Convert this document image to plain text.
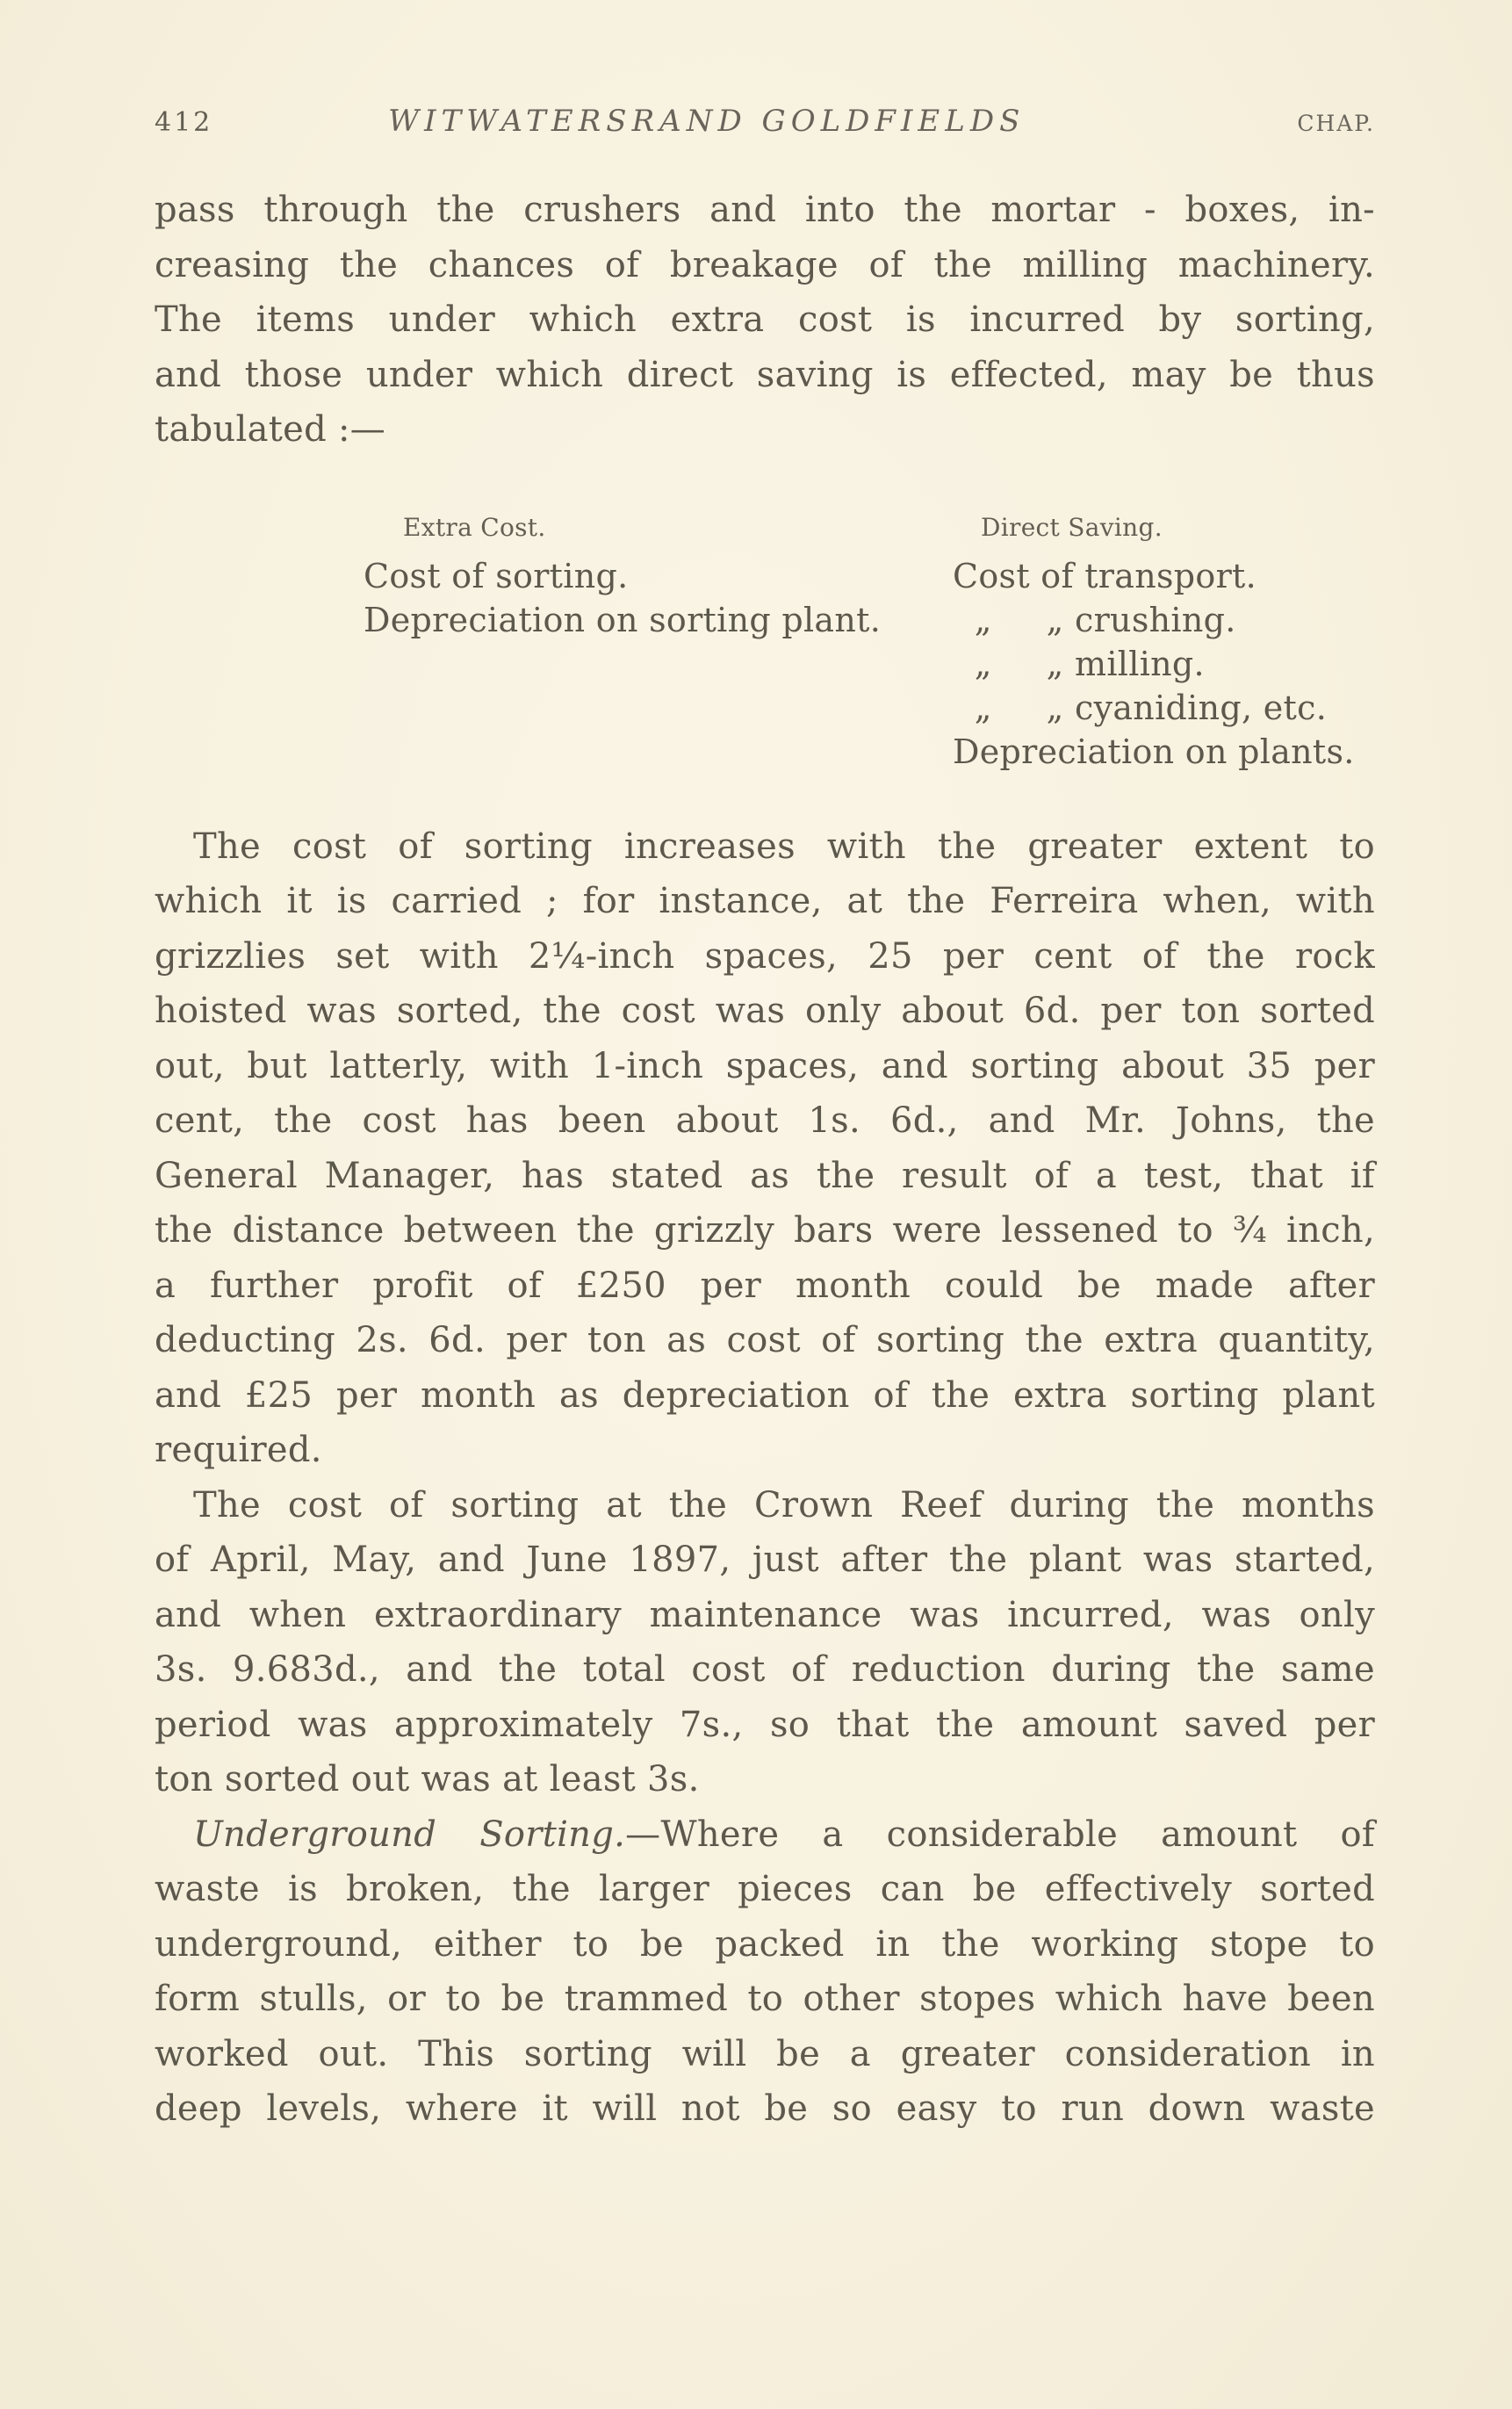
412	WITWATERSRAND GOLDFIELDS	CHAP.

pass through the crushers and into the mortar - boxes, in-
creasing the chances of breakage of the milling machinery.
The items under which extra cost is incurred by sorting,
and those under which direct saving is effected, may be thus
tabulated :—

Extra Cost.
Cost of sorting.
Depreciation on sorting plant.
Direct Saving.
Cost of transport.
„     „ crushing.
„     „ milling.
„     „ cyaniding, etc.
Depreciation on plants.

The cost of sorting increases with the greater extent to
which it is carried ; for instance, at the Ferreira when, with
grizzlies set with 2¼-inch spaces, 25 per cent of the rock
hoisted was sorted, the cost was only about 6d. per ton sorted
out, but latterly, with 1-inch spaces, and sorting about 35 per
cent, the cost has been about 1s. 6d., and Mr. Johns, the
General Manager, has stated as the result of a test, that if
the distance between the grizzly bars were lessened to ¾ inch,
a further profit of £250 per month could be made after
deducting 2s. 6d. per ton as cost of sorting the extra quantity,
and £25 per month as depreciation of the extra sorting plant
required.

The cost of sorting at the Crown Reef during the months
of April, May, and June 1897, just after the plant was started,
and when extraordinary maintenance was incurred, was only
3s. 9.683d., and the total cost of reduction during the same
period was approximately 7s., so that the amount saved per
ton sorted out was at least 3s.

Underground Sorting.—Where a considerable amount of
waste is broken, the larger pieces can be effectively sorted
underground, either to be packed in the working stope to
form stulls, or to be trammed to other stopes which have been
worked out. This sorting will be a greater consideration in
deep levels, where it will not be so easy to run down waste
